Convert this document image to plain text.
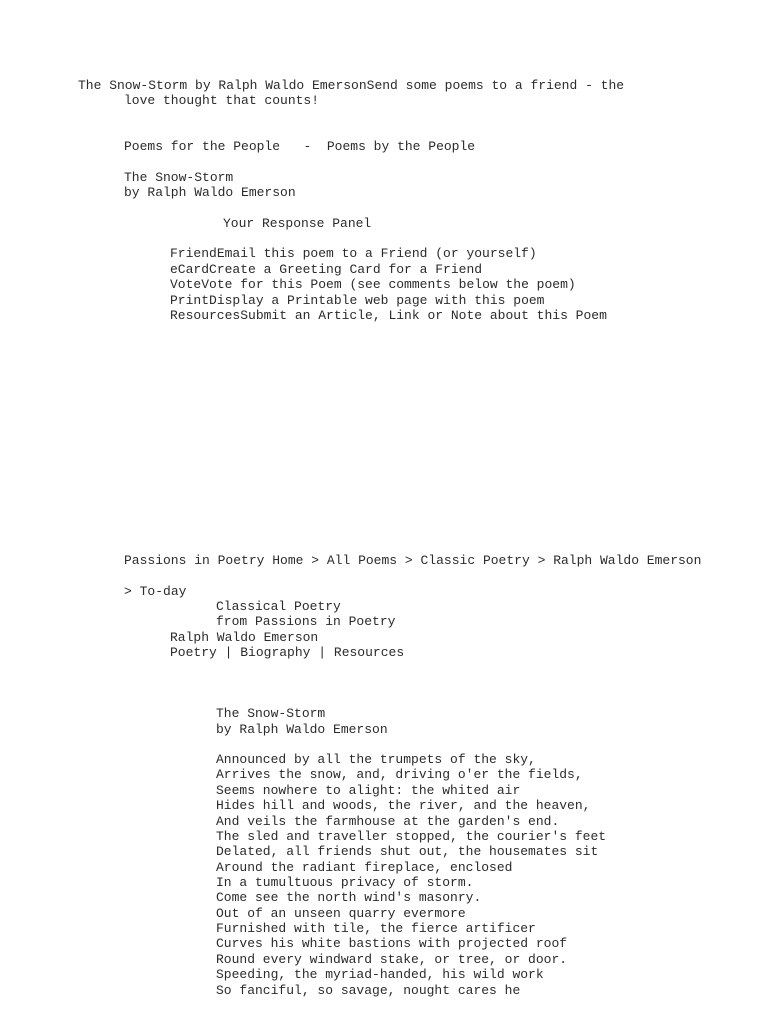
The Snow-Storm by Ralph Waldo EmersonSend some poems to a friend - the
love thought that counts!
Poems for the People - Poems by the People
The Snow-Storm
by Ralph Waldo Emerson
Your Response Panel
FriendEmail this poem to a Friend (or yourself)
eCardCreate a Greeting Card for a Friend
VoteVote for this Poem (see comments below the poem)
PrintDisplay a Printable web page with this poem
ResourcesSubmit an Article, Link or Note about this Poem
Passions in Poetry Home > All Poems > Classic Poetry > Ralph Waldo Emerson
> To-day
Classical Poetry
from Passions in Poetry
Ralph Waldo Emerson
Poetry | Biography | Resources
The Snow-Storm
by Ralph Waldo Emerson
Announced by all the trumpets of the sky,
Arrives the snow, and, driving o'er the fields,
Seems nowhere to alight: the whited air
Hides hill and woods, the river, and the heaven,
And veils the farmhouse at the garden's end.
The sled and traveller stopped, the courier's feet
Delated, all friends shut out, the housemates sit
Around the radiant fireplace, enclosed
In a tumultuous privacy of storm.
Come see the north wind's masonry.
Out of an unseen quarry evermore
Furnished with tile, the fierce artificer
Curves his white bastions with projected roof
Round every windward stake, or tree, or door.
Speeding, the myriad-handed, his wild work
So fanciful, so savage, nought cares he
